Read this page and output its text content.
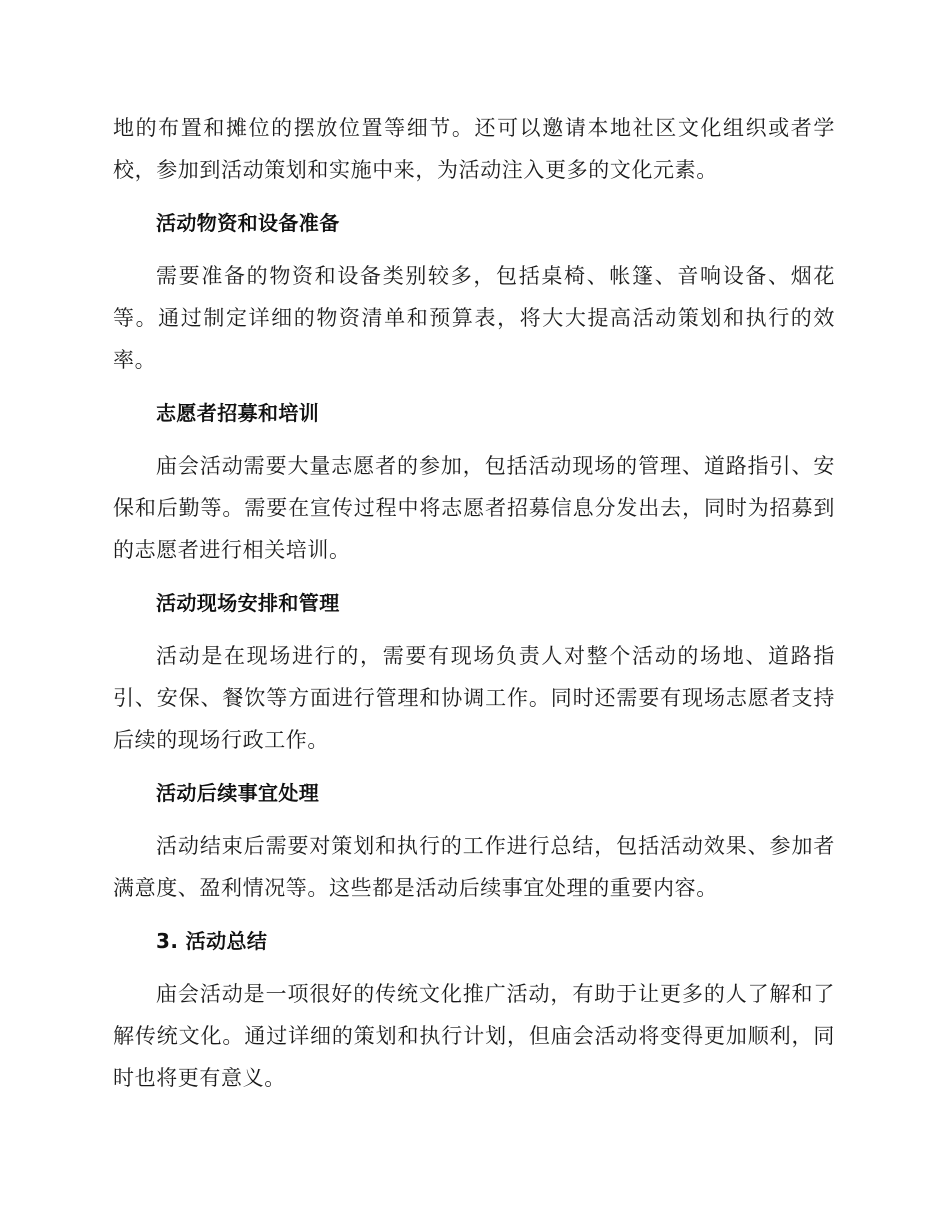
地的布置和摊位的摆放位置等细节。还可以邀请本地社区文化组织或者学校，参加到活动策划和实施中来，为活动注入更多的文化元素。

活动物资和设备准备

需要准备的物资和设备类别较多，包括桌椅、帐篷、音响设备、烟花等。通过制定详细的物资清单和预算表，将大大提高活动策划和执行的效率。

志愿者招募和培训

庙会活动需要大量志愿者的参加，包括活动现场的管理、道路指引、安保和后勤等。需要在宣传过程中将志愿者招募信息分发出去，同时为招募到的志愿者进行相关培训。

活动现场安排和管理

活动是在现场进行的，需要有现场负责人对整个活动的场地、道路指引、安保、餐饮等方面进行管理和协调工作。同时还需要有现场志愿者支持后续的现场行政工作。

活动后续事宜处理

活动结束后需要对策划和执行的工作进行总结，包括活动效果、参加者满意度、盈利情况等。这些都是活动后续事宜处理的重要内容。

3. 活动总结

庙会活动是一项很好的传统文化推广活动，有助于让更多的人了解和了解传统文化。通过详细的策划和执行计划，但庙会活动将变得更加顺利，同时也将更有意义。
